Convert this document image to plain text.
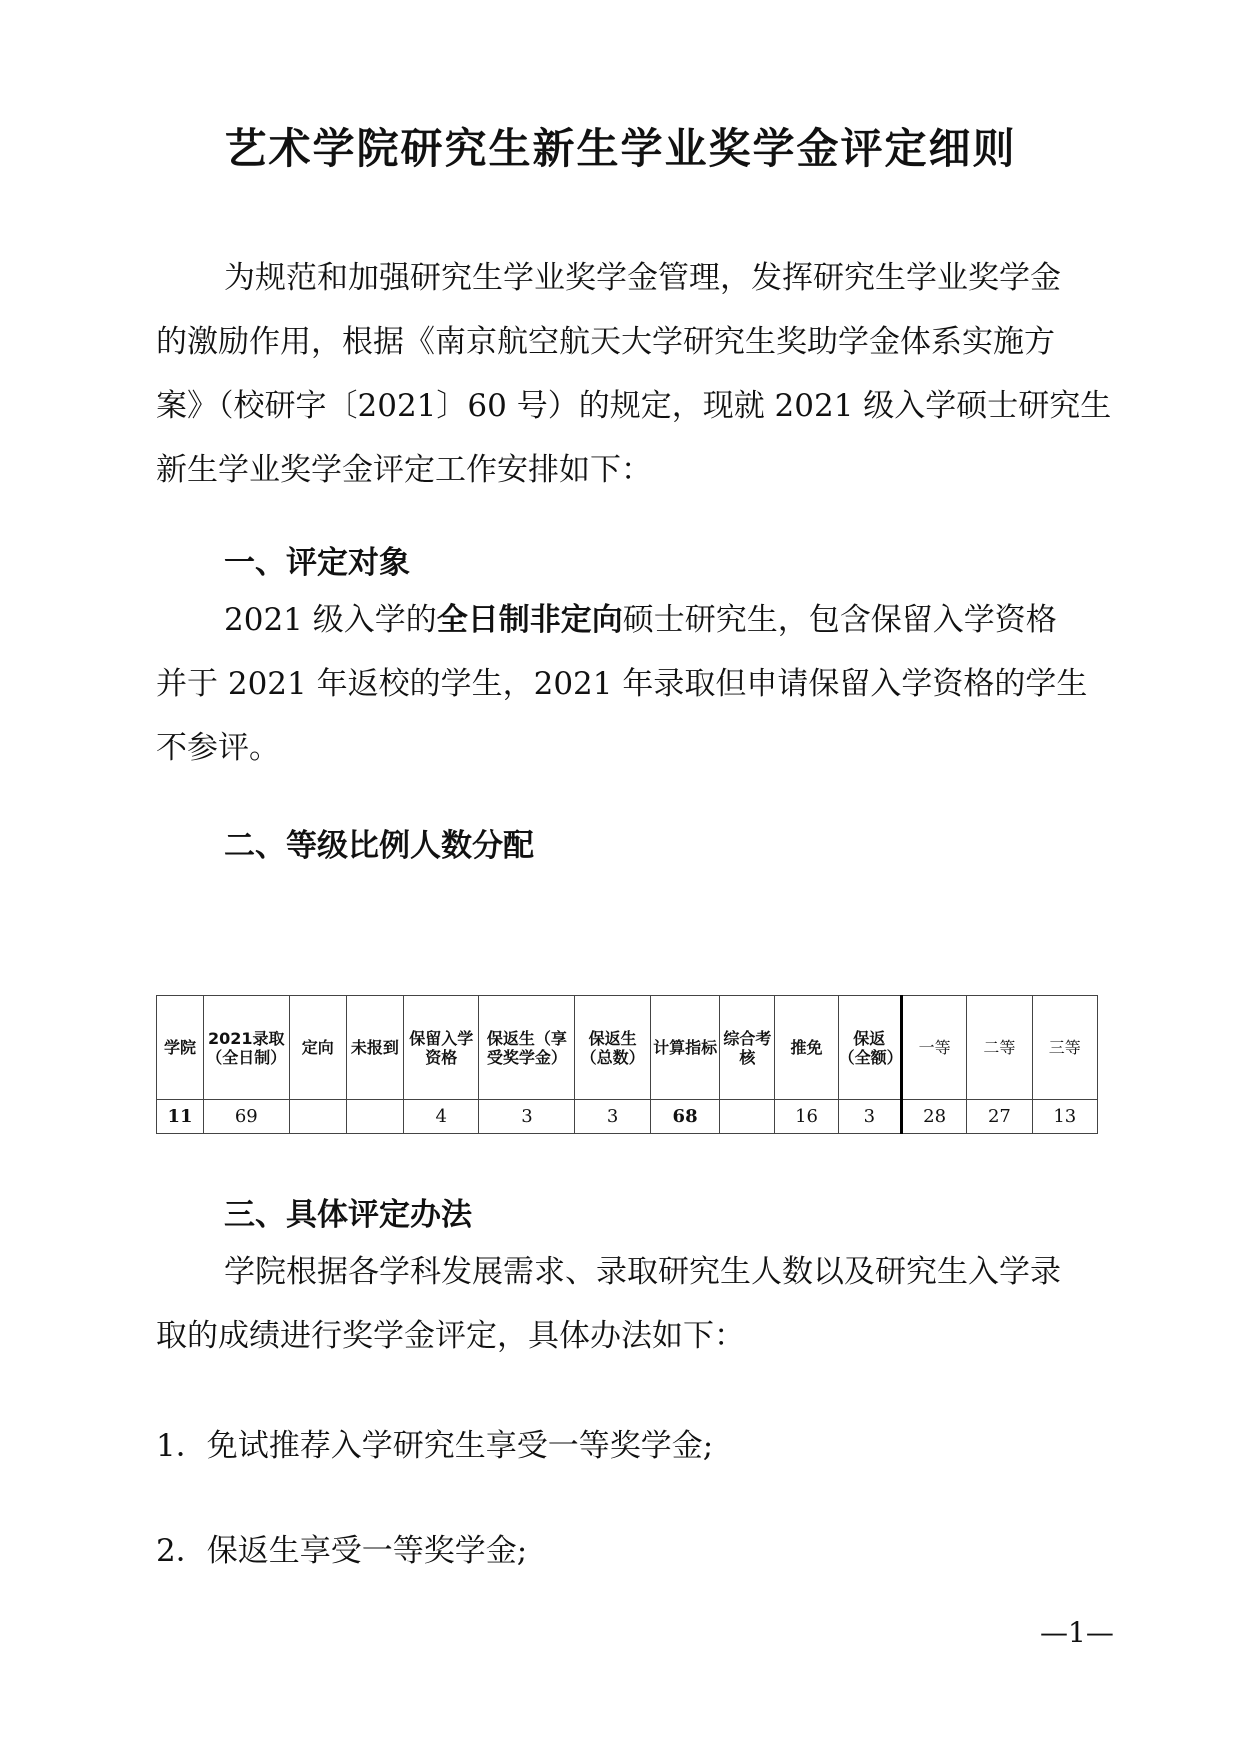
艺术学院研究生新生学业奖学金评定细则
为规范和加强研究生学业奖学金管理，发挥研究生学业奖学金
的激励作用，根据《南京航空航天大学研究生奖助学金体系实施方
案》（校研字〔2021〕60 号）的规定，现就 2021 级入学硕士研究生
新生学业奖学金评定工作安排如下：
一、评定对象
2021 级入学的全日制非定向硕士研究生，包含保留入学资格
并于 2021 年返校的学生，2021 年录取但申请保留入学资格的学生
不参评。
二、等级比例人数分配
学院	2021录取（全日制）	定向	未报到	保留入学资格	保返生（享受奖学金）	保返生（总数）	计算指标	综合考核	推免	保返（全额）	一等	二等	三等
11	69			4	3	3	68		16	3	28	27	13
三、具体评定办法
学院根据各学科发展需求、录取研究生人数以及研究生入学录
取的成绩进行奖学金评定，具体办法如下：

1．免试推荐入学研究生享受一等奖学金;

2．保返生享受一等奖学金;

—1—
